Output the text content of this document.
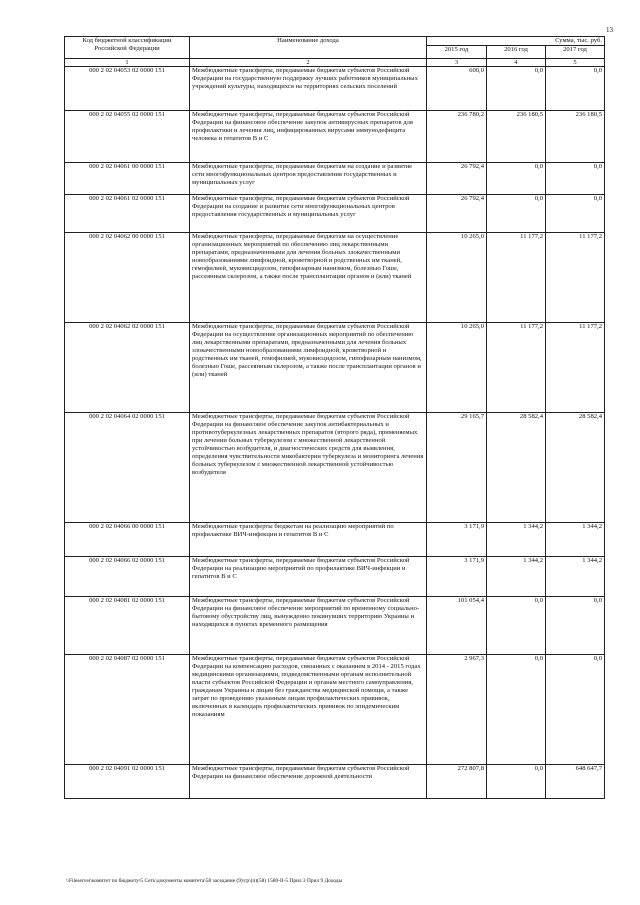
13
Код бюджетной классификации Российской Федерации	Наименование дохода	Сумма, тыс. руб.		
		2015 год	2016 год	2017 год
1	2	3	4	5
000 2 02 04053 02 0000 151	Межбюджетные трансферты, передаваемые бюджетам субъектов Российской Федерации на государственную поддержку лучших работников муниципальных учреждений культуры, находящихся на территориях сельских поселений	600,0	0,0	0,0
000 2 02 04055 02 0000 151	Межбюджетные трансферты, передаваемые бюджетам субъектов Российской Федерации на финансовое обеспечение закупок антивирусных препаратов для профилактики и лечения лиц, инфицированных вирусами иммунодефицита человека и гепатитов В и С	236 780,2	236 180,5	236 180,5
000 2 02 04061 00 0000 151	Межбюджетные трансферты, передаваемые бюджетам на создание и развитие сети многофункциональных центров предоставления государственных и муниципальных услуг	26 792,4	0,0	0,0
000 2 02 04061 02 0000 151	Межбюджетные трансферты, передаваемые бюджетам субъектов Российской Федерации на создание и развитие сети многофункциональных центров предоставления государственных и муниципальных услуг	26 792,4	0,0	0,0
000 2 02 04062 00 0000 151	Межбюджетные трансферты, передаваемые бюджетам на осуществление организационных мероприятий по обеспечению лиц лекарственными препаратами, предназначенными для лечения больных злокачественными новообразованиями лимфоидной, кроветворной и родственных им тканей, гемофилией, муковисцидозом, гипофизарным нанизмом, болезнью Гоше, рассеянным склерозом, а также после трансплантации органов и (или) тканей	10 265,0	11 177,2	11 177,2
000 2 02 04062 02 0000 151	Межбюджетные трансферты, передаваемые бюджетам субъектов Российской Федерации на осуществление организационных мероприятий по обеспечению лиц лекарственными препаратами, предназначенными для лечения больных злокачественными новообразованиями лимфоидной, кроветворной и родственных им тканей, гемофилией, муковисцидозом, гипофизарным нанизмом, болезнью Гоше, рассеянным склерозом, а также после трансплантации органов и (или) тканей	10 265,0	11 177,2	11 177,2
000 2 02 04064 02 0000 151	Межбюджетные трансферты, передаваемые бюджетам субъектов Российской Федерации на финансовое обеспечение закупок антибактериальных и противотуберкулезных лекарственных препаратов (второго ряда), применяемых при лечении больных туберкулезом с множественной лекарственной устойчивостью возбудителя, и диагностических средств для выявления, определения чувствительности микобактерии туберкулеза и мониторинга лечения больных туберкулезом с множественной лекарственной устойчивостью возбудителя	29 165,7	28 582,4	28 582,4
000 2 02 04066 00 0000 151	Межбюджетные трансферты бюджетам на реализацию мероприятий по профилактике ВИЧ-инфекции и гепатитов В и С	3 171,9	1 344,2	1 344,2
000 2 02 04066 02 0000 151	Межбюджетные трансферты, передаваемые бюджетам субъектов Российской Федерации на реализацию мероприятий по профилактике ВИЧ-инфекции и гепатитов В и С	3 171,9	1 344,2	1 344,2
000 2 02 04081 02 0000 151	Межбюджетные трансферты, передаваемые бюджетам субъектов Российской Федерации на финансовое обеспечение мероприятий по временному социально-бытовому обустройству лиц, вынужденно покинувших территорию Украины и находящихся в пунктах временного размещения	101 054,4	0,0	0,0
000 2 02 04087 02 0000 151	Межбюджетные трансферты, передаваемые бюджетам субъектов Российской Федерации на компенсацию расходов, связанных с оказанием в 2014 - 2015 годах медицинскими организациями, подведомственными органам исполнительной власти субъектов Российской Федерации и органам местного самоуправления, гражданам Украины и лицам без гражданства медицинской помощи, а также затрат по проведению указанным лицам профилактических прививок, включенных в календарь профилактических прививок по эпидемическим показаниям	2 967,3	0,0	0,0
000 2 02 04091 02 0000 151	Межбюджетные трансферты, передаваемые бюджетам субъектов Российской Федерации на финансовое обеспечение дорожной деятельности	272 807,8	0,0	648 647,7
\\Fileserver\комитет по бюджету\5 Сеть\документы комитета\58 заседание (9)\гр\(п)(58) 1580-II-5 Прил 3 Прил 9 Доходы
